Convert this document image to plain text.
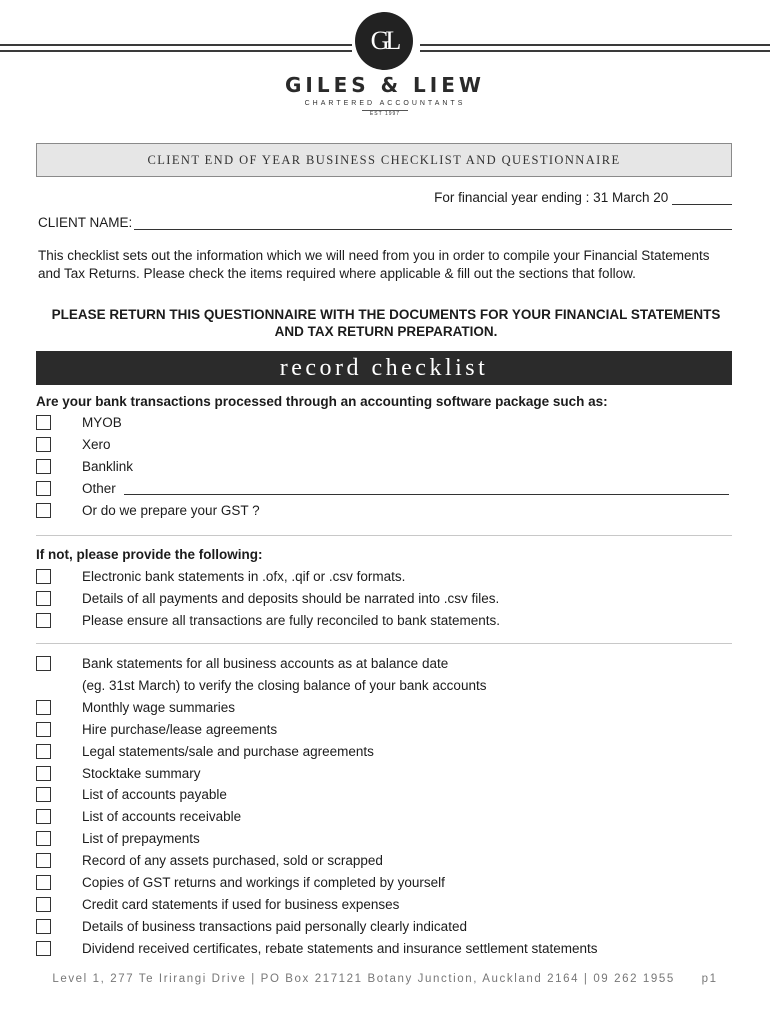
GL
GILES & LIEW
CHARTERED ACCOUNTANTS
EST 1997
CLIENT END OF YEAR BUSINESS CHECKLIST AND QUESTIONNAIRE
For financial year ending : 31 March 20
CLIENT NAME:
This checklist sets out the information which we will need from you in order to compile your Financial Statements and Tax Returns. Please check the items required where applicable & fill out the sections that follow.
PLEASE RETURN THIS QUESTIONNAIRE WITH THE DOCUMENTS FOR YOUR FINANCIAL STATEMENTS AND TAX RETURN PREPARATION.
record checklist
Are your bank transactions processed through an accounting software package such as:
MYOB
Xero
Banklink
Other
Or do we prepare your GST ?
If not, please provide the following:
Electronic bank statements in .ofx, .qif or .csv formats.
Details of all payments and deposits should be narrated into .csv files.
Please ensure all transactions are fully reconciled to bank statements.
Bank statements for all business accounts as at balance date
(eg. 31st March) to verify the closing balance of your bank accounts
Monthly wage summaries
Hire purchase/lease agreements
Legal statements/sale and purchase agreements
Stocktake summary
List of accounts payable
List of accounts receivable
List of prepayments
Record of any assets purchased, sold or scrapped
Copies of GST returns and workings if completed by yourself
Credit card statements if used for business expenses
Details of business transactions paid personally clearly indicated
Dividend received certificates, rebate statements and insurance settlement statements
Level 1, 277 Te Irirangi Drive | PO Box 217121 Botany Junction, Auckland 2164 | 09 262 1955 p1
